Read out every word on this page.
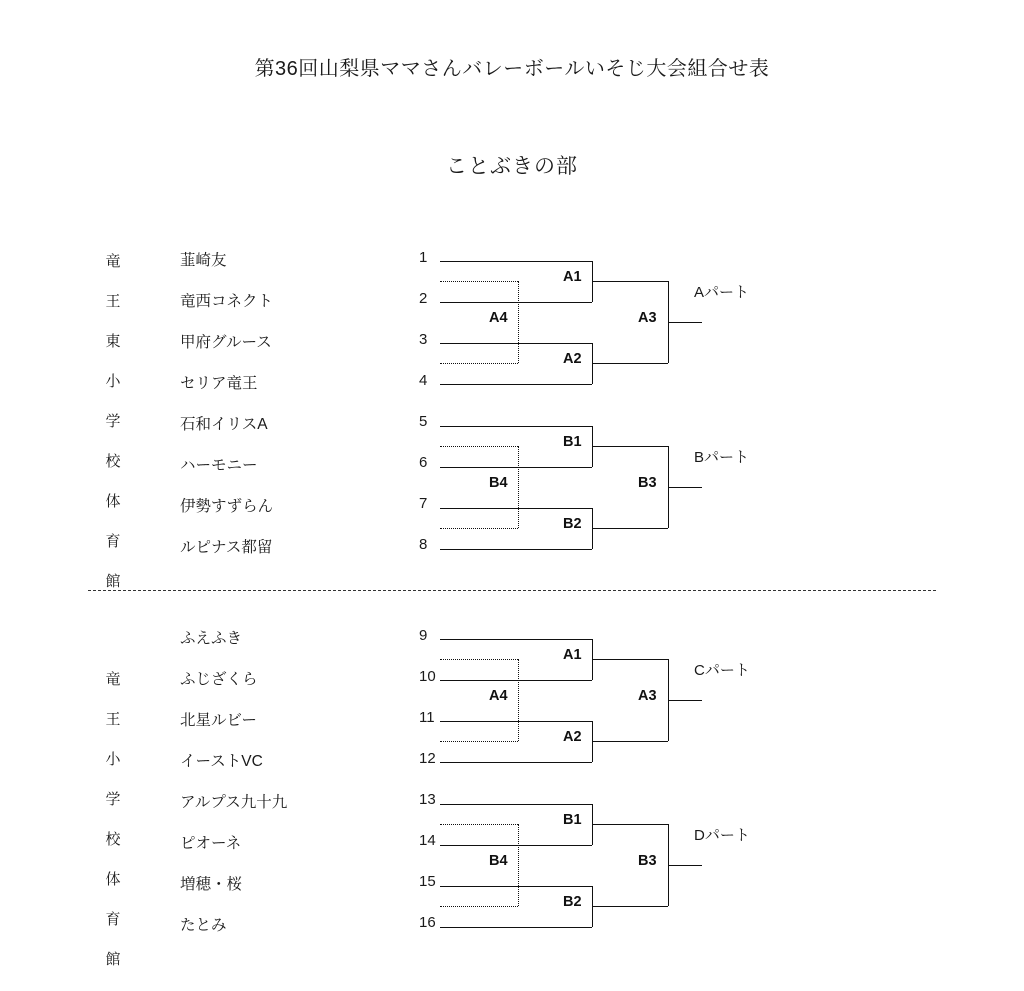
第36回山梨県ママさんバレーボールいそじ大会組合せ表
ことぶきの部
竜
王
東
小
学
校
体
育
館
韮崎友
竜西コネクト
甲府グルース
セリア竜王
石和イリスA
ハーモニー
伊勢すずらん
ルピナス都留
1
2
3
4
5
6
7
8
A1
A2
A3
A4
Aパート
B1
B2
B3
B4
Bパート
竜
王
小
学
校
体
育
館
ふえふき
ふじざくら
北星ルビー
イーストVC
アルプス九十九
ピオーネ
増穂・桜
たとみ
9
10
11
12
13
14
15
16
A1
A2
A3
A4
Cパート
B1
B2
B3
B4
Dパート
